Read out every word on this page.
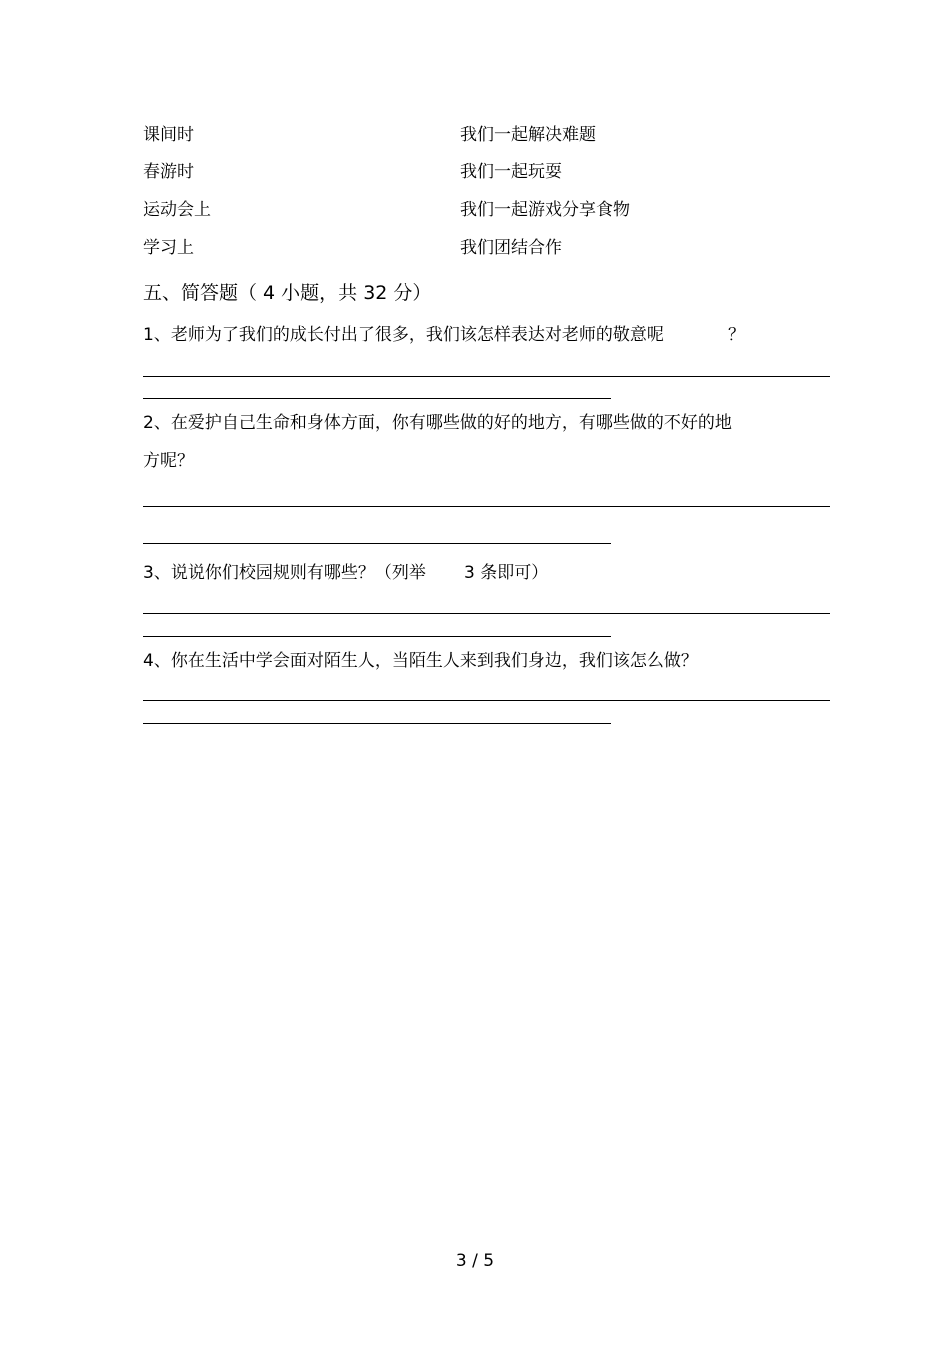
课间时	我们一起解决难题
春游时	我们一起玩耍
运动会上	我们一起游戏分享食物
学习上	我们团结合作
五、简答题（ 4 小题，共 32 分）
1、老师为了我们的成长付出了很多，我们该怎样表达对老师的敬意呢	？
2、在爱护自己生命和身体方面，你有哪些做的好的地方，有哪些做的不好的地
方呢？
3、说说你们校园规则有哪些？（列举 3 条即可）
4、你在生活中学会面对陌生人，当陌生人来到我们身边，我们该怎么做？
3 / 5
